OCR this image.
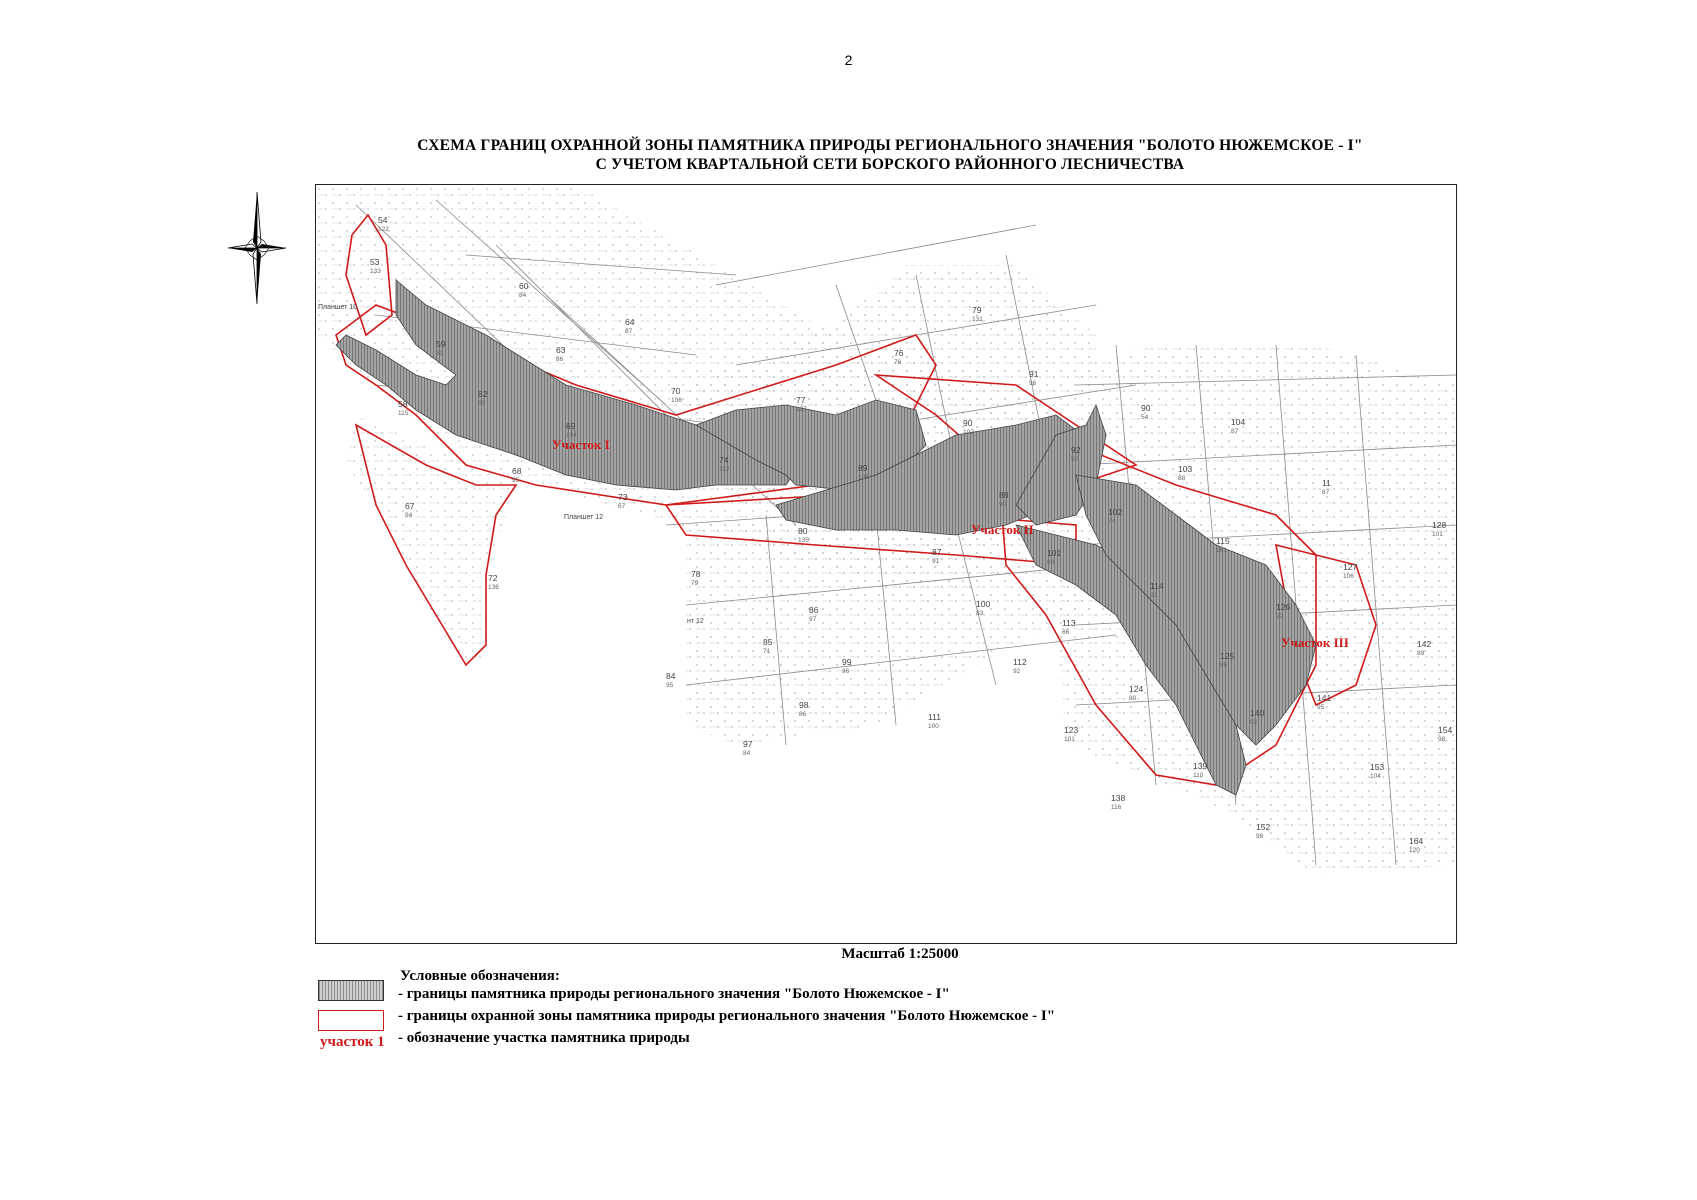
2
СХЕМА ГРАНИЦ ОХРАННОЙ ЗОНЫ ПАМЯТНИКА ПРИРОДЫ РЕГИОНАЛЬНОГО ЗНАЧЕНИЯ "БОЛОТО НЮЖЕМСКОЕ - I"
С УЧЕТОМ КВАРТАЛЬНОЙ СЕТИ БОРСКОГО РАЙОННОГО ЛЕСНИЧЕСТВА
54
122
53
133
60
84
64
87
59
83	63
86
62
85
70
106
58
115
69
104
68
95
74
112
73
67
77
137
67
94
72
136
80
135
79
131
76
76
91
96
90
102
89
105
88
90
87
91
78
79
86
97
85
71
84
95
99
96
98
86
97
84
100
83
112
92
111
100
92
92
102
74
101
89
103
88
104
87
90
54
11
87
115
161
114
82
113
66
126
92
125
85
124
80
123
101
127
106
128
101
142
89
141
95
140
92
139
110
138
116
153
104
154
98
152
98	164
120
Планшет 10
Планшет 12
нт 12
Участок I
Участок II
Участок III
Масштаб 1:25000
Условные обозначения:
- границы памятника природы регионального значения "Болото Нюжемское - I"
- границы охранной зоны памятника природы регионального значения "Болото Нюжемское - I"
участок 1 - обозначение участка памятника природы
